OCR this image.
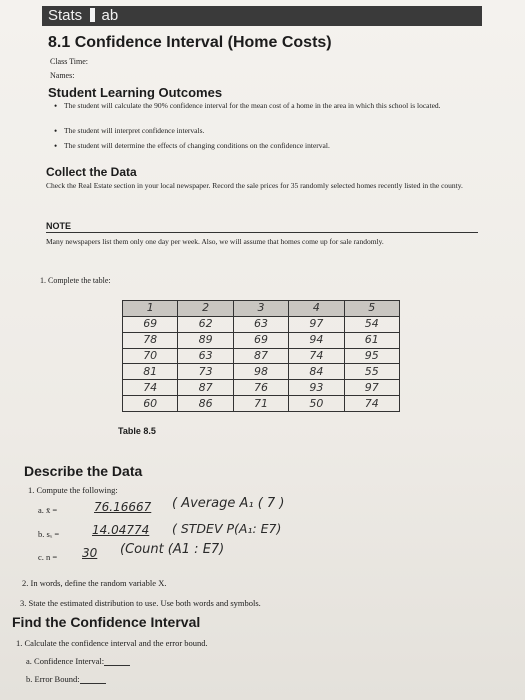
Stats ab
8.1 Confidence Interval (Home Costs)
Class Time:
Names:
Student Learning Outcomes
• The student will calculate the 90% confidence interval for the mean cost of a home in the area in which this school is located.
• The student will interpret confidence intervals.
• The student will determine the effects of changing conditions on the confidence interval.
Collect the Data
Check the Real Estate section in your local newspaper. Record the sale prices for 35 randomly selected homes recently listed in the county.
NOTE
Many newspapers list them only one day per week. Also, we will assume that homes come up for sale randomly.
1. Complete the table:
1	2	3	4	5
69	62	63	97	54
78	89	69	94	61
70	63	87	74	95
81	73	98	84	55
74	87	76	93	97
60	86	71	50	74
Table 8.5
Describe the Data
1. Compute the following:
a. x̄ =	76.16667 ( Average A₁ ( 7 )
b. sₓ =	14.04774 ( STDEV P(A₁: E7)
c. n = 30 (Count (A1 : E7)
2. In words, define the random variable X.
3. State the estimated distribution to use. Use both words and symbols.
Find the Confidence Interval
1. Calculate the confidence interval and the error bound.
a. Confidence Interval:
b. Error Bound:
